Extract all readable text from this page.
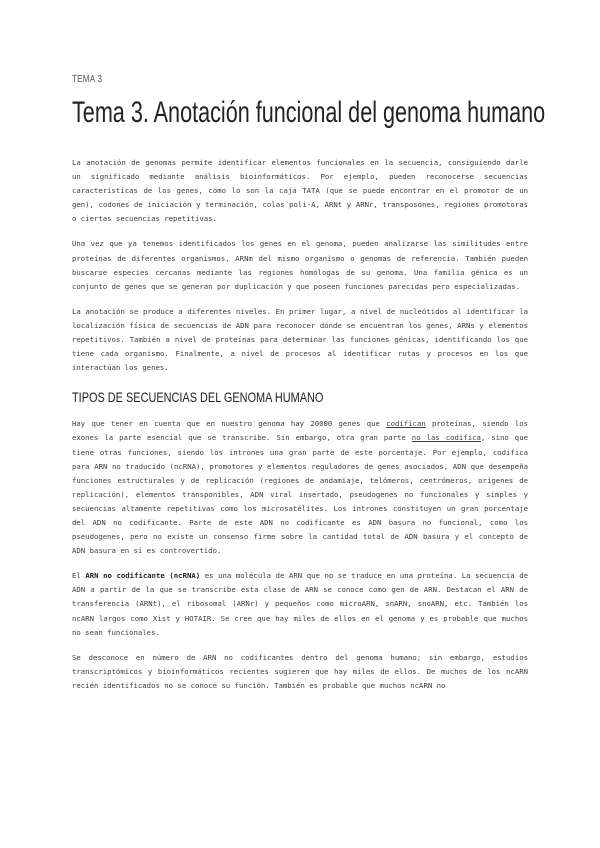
TEMA 3
Tema 3. Anotación funcional del genoma humano

La anotación de genomas permite identificar elementos funcionales en la secuencia, consiguiendo darle un significado mediante análisis bioinformáticos. Por ejemplo, pueden reconocerse secuencias características de los genes, como lo son la caja TATA (que se puede encontrar en el promotor de un gen), codones de iniciación y terminación, colas poli-A, ARNt y ARNr, transposones, regiones promotoras o ciertas secuencias repetitivas.

Una vez que ya tenemos identificados los genes en el genoma, pueden analizarse las similitudes entre proteínas de diferentes organismos, ARNm del mismo organismo o genomas de referencia. También pueden buscarse especies cercanas mediante las regiones homólogas de su genoma. Una familia génica es un conjunto de genes que se generan por duplicación y que poseen funciones parecidas pero especializadas.

La anotación se produce a diferentes niveles. En primer lugar, a nivel de nucleótidos al identificar la localización física de secuencias de ADN para reconocer dónde se encuentran los genes, ARNs y elementos repetitivos. También a nivel de proteínas para determinar las funciones génicas, identificando los que tiene cada organismo. Finalmente, a nivel de procesos al identificar rutas y procesos en los que interactúan los genes.

TIPOS DE SECUENCIAS DEL GENOMA HUMANO

Hay que tener en cuenta que en nuestro genoma hay 20000 genes que codifican proteínas, siendo los exones la parte esencial que se transcribe. Sin embargo, otra gran parte no las codifica, sino que tiene otras funciones, siendo los intrones una gran parte de este porcentaje. Por ejemplo, codifica para ARN no traducido (ncRNA), promotores y elementos reguladores de genes asociados, ADN que desempeña funciones estructurales y de replicación (regiones de andamiaje, telómeros, centrómeros, orígenes de replicación), elementos transponibles, ADN viral insertado, pseudogenes no funcionales y simples y secuencias altamente repetitivas como los microsatélites. Los intrones constituyen un gran porcentaje del ADN no codificante. Parte de este ADN no codificante es ADN basura no funcional, como los pseudogenes, pero no existe un consenso firme sobre la cantidad total de ADN basura y el concepto de ADN basura en sí es controvertido.

El ARN no codificante (ncRNA) es una molécula de ARN que no se traduce en una proteína. La secuencia de ADN a partir de la que se transcribe esta clase de ARN se conoce como gen de ARN. Destacan el ARN de transferencia (ARNt), el ribosomal (ARNr) y pequeños como microARN, snARN, snoARN, etc. También los ncARN largos como Xist y HOTAIR. Se cree que hay miles de ellos en el genoma y es probable que muchos no sean funcionales.

Se desconoce en número de ARN no codificantes dentro del genoma humano; sin embargo, estudios transcriptómicos y bioinformáticos recientes sugieren que hay miles de ellos. De muchos de los ncARN recién identificados no se conoce su función. También es probable que muchos ncARN no
